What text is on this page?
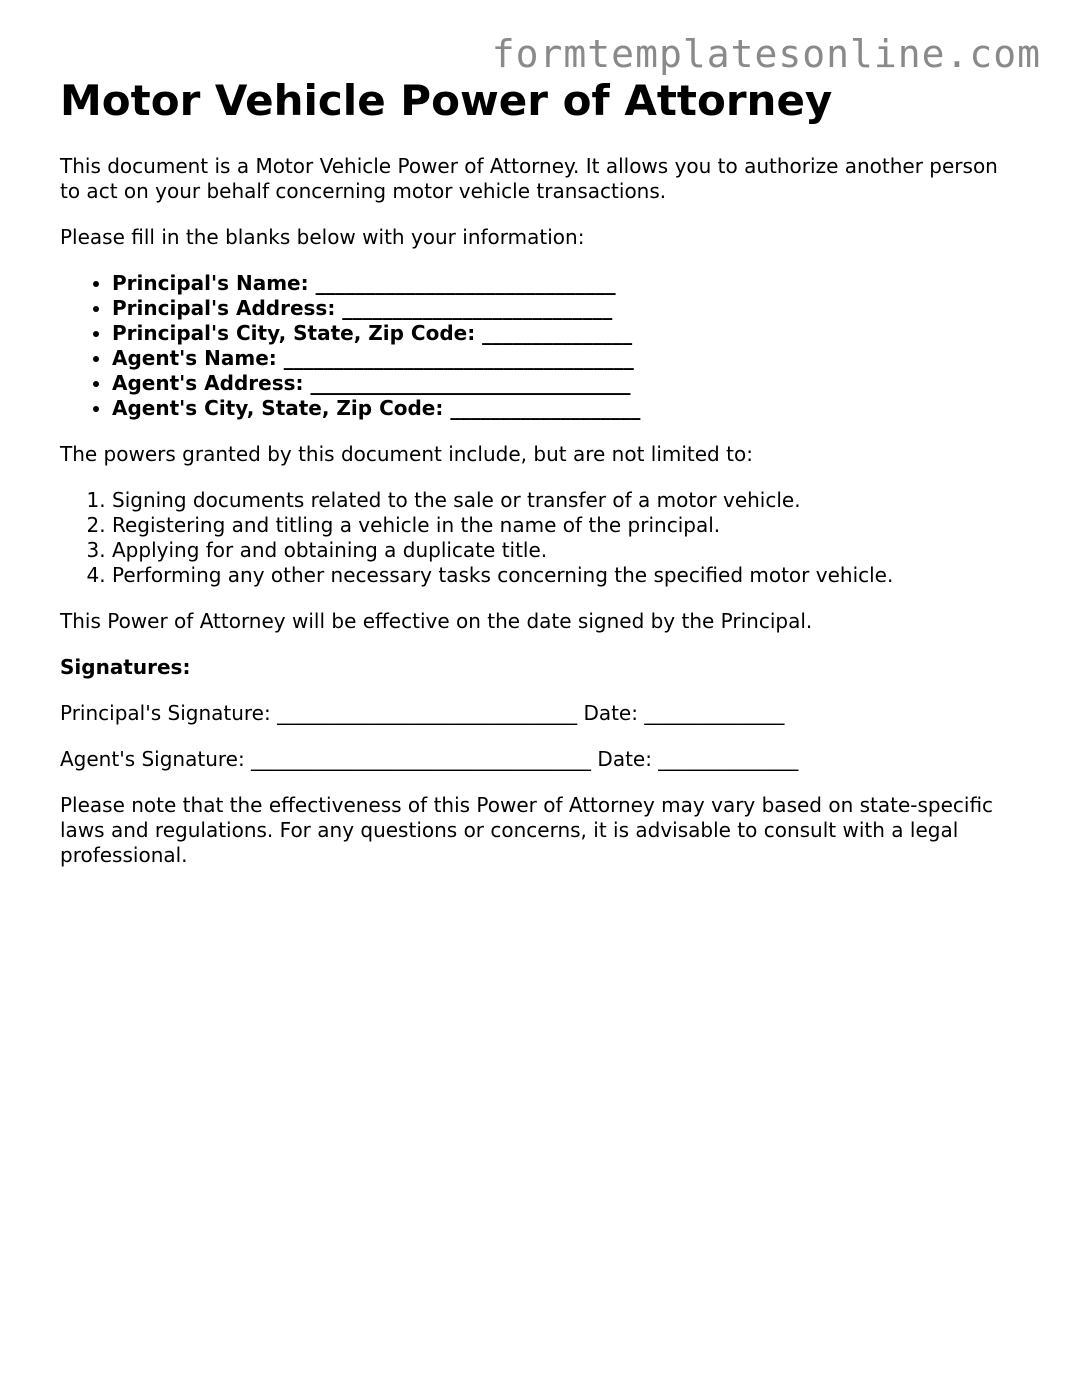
formtemplatesonline.com
Motor Vehicle Power of Attorney

This document is a Motor Vehicle Power of Attorney. It allows you to authorize another person to act on your behalf concerning motor vehicle transactions.

Please fill in the blanks below with your information:

• Principal's Name: ______________________________
• Principal's Address: ___________________________
• Principal's City, State, Zip Code: _______________
• Agent's Name: ___________________________________
• Agent's Address: ________________________________
• Agent's City, State, Zip Code: ___________________

The powers granted by this document include, but are not limited to:

1. Signing documents related to the sale or transfer of a motor vehicle.
2. Registering and titling a vehicle in the name of the principal.
3. Applying for and obtaining a duplicate title.
4. Performing any other necessary tasks concerning the specified motor vehicle.

This Power of Attorney will be effective on the date signed by the Principal.

Signatures:

Principal's Signature: ______________________________ Date: ______________

Agent's Signature: __________________________________ Date: ______________

Please note that the effectiveness of this Power of Attorney may vary based on state-specific laws and regulations. For any questions or concerns, it is advisable to consult with a legal professional.
